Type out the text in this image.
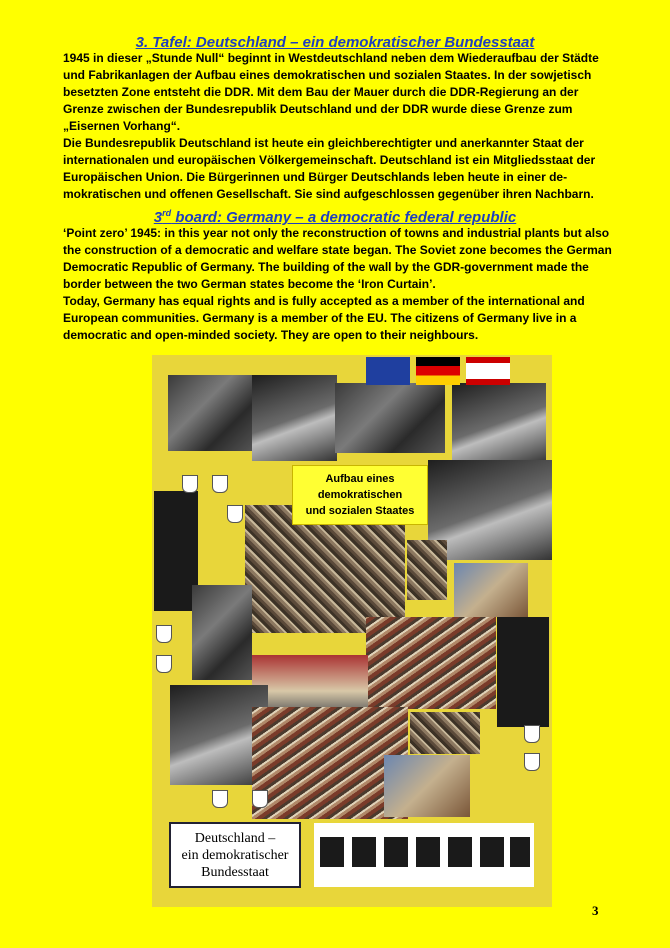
3. Tafel: Deutschland – ein demokratischer Bundesstaat
1945 in dieser „Stunde Null“ beginnt in Westdeutschland neben dem Wiederaufbau der Städte
und Fabrikanlagen der Aufbau eines demokratischen und sozialen Staates. In der sowjetisch
besetzten Zone entsteht die DDR. Mit dem Bau der Mauer durch die DDR-Regierung an der
Grenze zwischen der Bundesrepublik Deutschland und der DDR wurde diese Grenze zum
„Eisernen Vorhang“.
Die Bundesrepublik Deutschland ist heute ein gleichberechtigter und anerkannter Staat der
internationalen und europäischen Völkergemeinschaft. Deutschland ist ein Mitgliedsstaat der
Europäischen Union. Die Bürgerinnen und Bürger Deutschlands leben heute in einer de-
mokratischen und offenen Gesellschaft. Sie sind aufgeschlossen gegenüber ihren Nachbarn.
3rd board: Germany – a democratic federal republic
‘Point zero’ 1945: in this year not only the reconstruction of towns and industrial plants but also
the construction of a democratic and welfare state began. The Soviet zone becomes the German
Democratic Republic of Germany. The building of the wall by the GDR-government made the
border between the two German states become the ‘Iron Curtain’.
Today, Germany has equal rights and is fully accepted as a member of the international and
European communities. Germany is a member of the EU. The citizens of Germany live in a
democratic and open-minded society. They are open to their neighbours.
Aufbau eines
demokratischen
und sozialen Staates
Deutschland –
ein demokratischer
Bundesstaat
3
